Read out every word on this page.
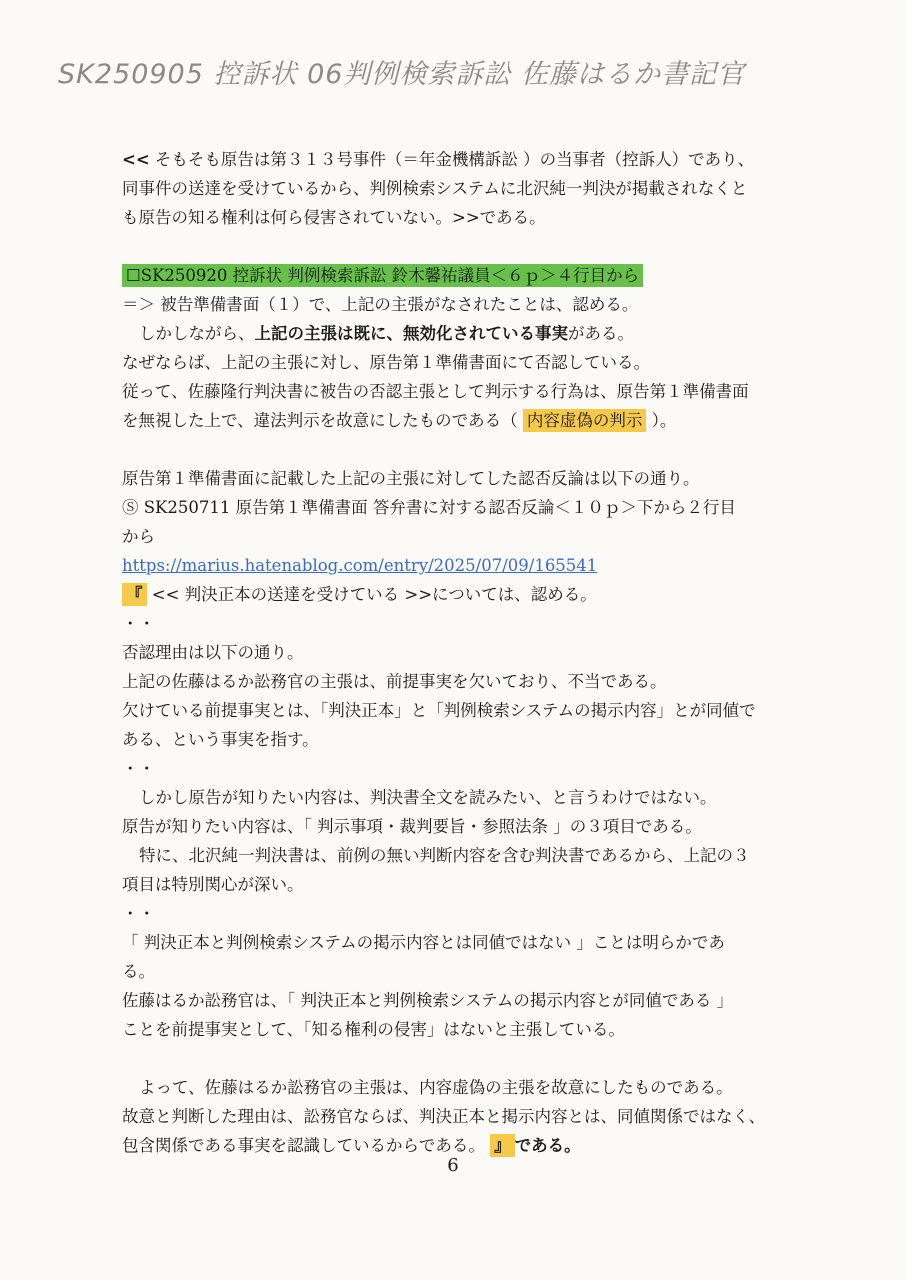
SK250905 控訴状 06判例検索訴訟 佐藤はるか書記官

<< そもそも原告は第３１３号事件（＝年金機構訴訟 ）の当事者（控訴人）であり、

同事件の送達を受けているから、判例検索システムに北沢純一判決が掲載されなくと

も原告の知る権利は何ら侵害されていない。>>である。

☐SK250920 控訴状 判例検索訴訟 鈴木馨祐議員＜６ｐ＞４行目から

＝＞ 被告準備書面（１）で、上記の主張がなされたことは、認める。

しかしながら、上記の主張は既に、無効化されている事実がある。

なぜならば、上記の主張に対し、原告第１準備書面にて否認している。

従って、佐藤隆行判決書に被告の否認主張として判示する行為は、原告第１準備書面

を無視した上で、違法判示を故意にしたものである（ 内容虚偽の判示 ）。

原告第１準備書面に記載した上記の主張に対してした認否反論は以下の通り。

Ⓢ SK250711 原告第１準備書面 答弁書に対する認否反論＜１０ｐ＞下から２行目

から

https://marius.hatenablog.com/entry/2025/07/09/165541

『 << 判決正本の送達を受けている >>については、認める。

・・

否認理由は以下の通り。

上記の佐藤はるか訟務官の主張は、前提事実を欠いており、不当である。

欠けている前提事実とは、「判決正本」と「判例検索システムの掲示内容」とが同値で

ある、という事実を指す。

・・

しかし原告が知りたい内容は、判決書全文を読みたい、と言うわけではない。

原告が知りたい内容は、「 判示事項・裁判要旨・参照法条 」の３項目である。

特に、北沢純一判決書は、前例の無い判断内容を含む判決書であるから、上記の３

項目は特別関心が深い。

・・

「 判決正本と判例検索システムの掲示内容とは同値ではない 」ことは明らかであ

る。

佐藤はるか訟務官は、「 判決正本と判例検索システムの掲示内容とが同値である 」

ことを前提事実として、「知る権利の侵害」はないと主張している。

よって、佐藤はるか訟務官の主張は、内容虚偽の主張を故意にしたものである。

故意と判断した理由は、訟務官ならば、判決正本と掲示内容とは、同値関係ではなく、

包含関係である事実を認識しているからである。 』 である。

6
